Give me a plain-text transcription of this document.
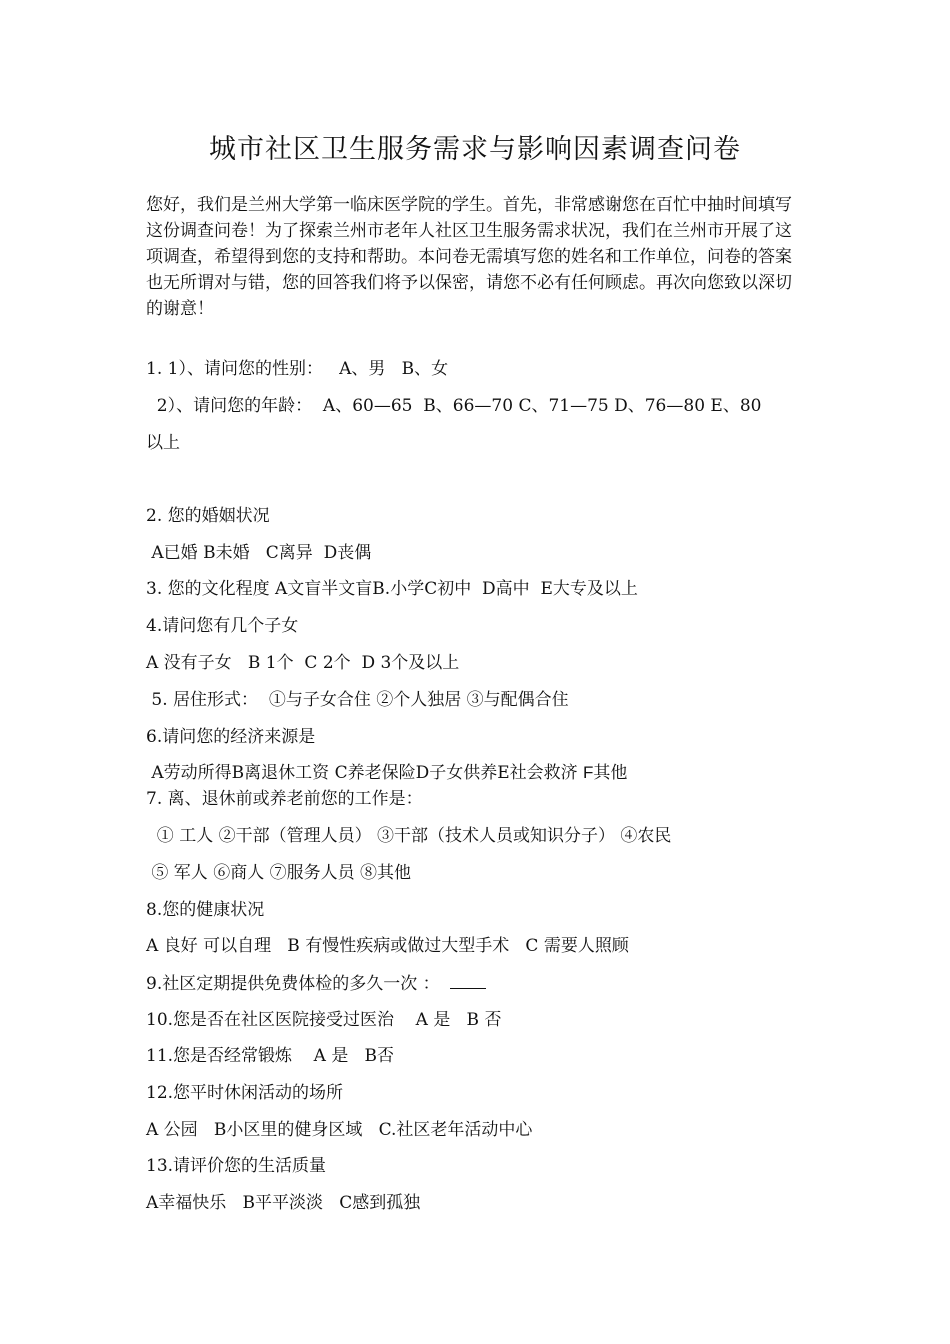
城市社区卫生服务需求与影响因素调查问卷

您好，我们是兰州大学第一临床医学院的学生。首先，非常感谢您在百忙中抽时间填写这份调查问卷！为了探索兰州市老年人社区卫生服务需求状况，我们在兰州市开展了这项调查，希望得到您的支持和帮助。本问卷无需填写您的姓名和工作单位，问卷的答案也无所谓对与错，您的回答我们将予以保密，请您不必有任何顾虑。再次向您致以深切的谢意！

1. 1）、请问您的性别：   A、男   B、女

2）、请问您的年龄：  A、60—65  B、66—70 C、71—75 D、76—80 E、80

以上

2. 您的婚姻状况

A已婚 B未婚   C离异  D丧偶

3. 您的文化程度 A文盲半文盲B.小学C初中  D高中  E大专及以上

4.请问您有几个子女

A 没有子女   B 1个  C 2个  D 3个及以上

5. 居住形式：  ①与子女合住 ②个人独居 ③与配偶合住

6.请问您的经济来源是

A劳动所得B离退休工资 C养老保险D子女供养E社会救济 F其他

7. 离、退休前或养老前您的工作是：

① 工人 ②干部（管理人员） ③干部（技术人员或知识分子） ④农民

⑤ 军人 ⑥商人 ⑦服务人员 ⑧其他

8.您的健康状况

A 良好 可以自理   B 有慢性疾病或做过大型手术   C 需要人照顾

9.社区定期提供免费体检的多久一次 ：

10.您是否在社区医院接受过医治    A 是   B 否

11.您是否经常锻炼    A 是   B否

12.您平时休闲活动的场所

A 公园   B小区里的健身区域   C.社区老年活动中心

13.请评价您的生活质量

A幸福快乐   B平平淡淡   C感到孤独
